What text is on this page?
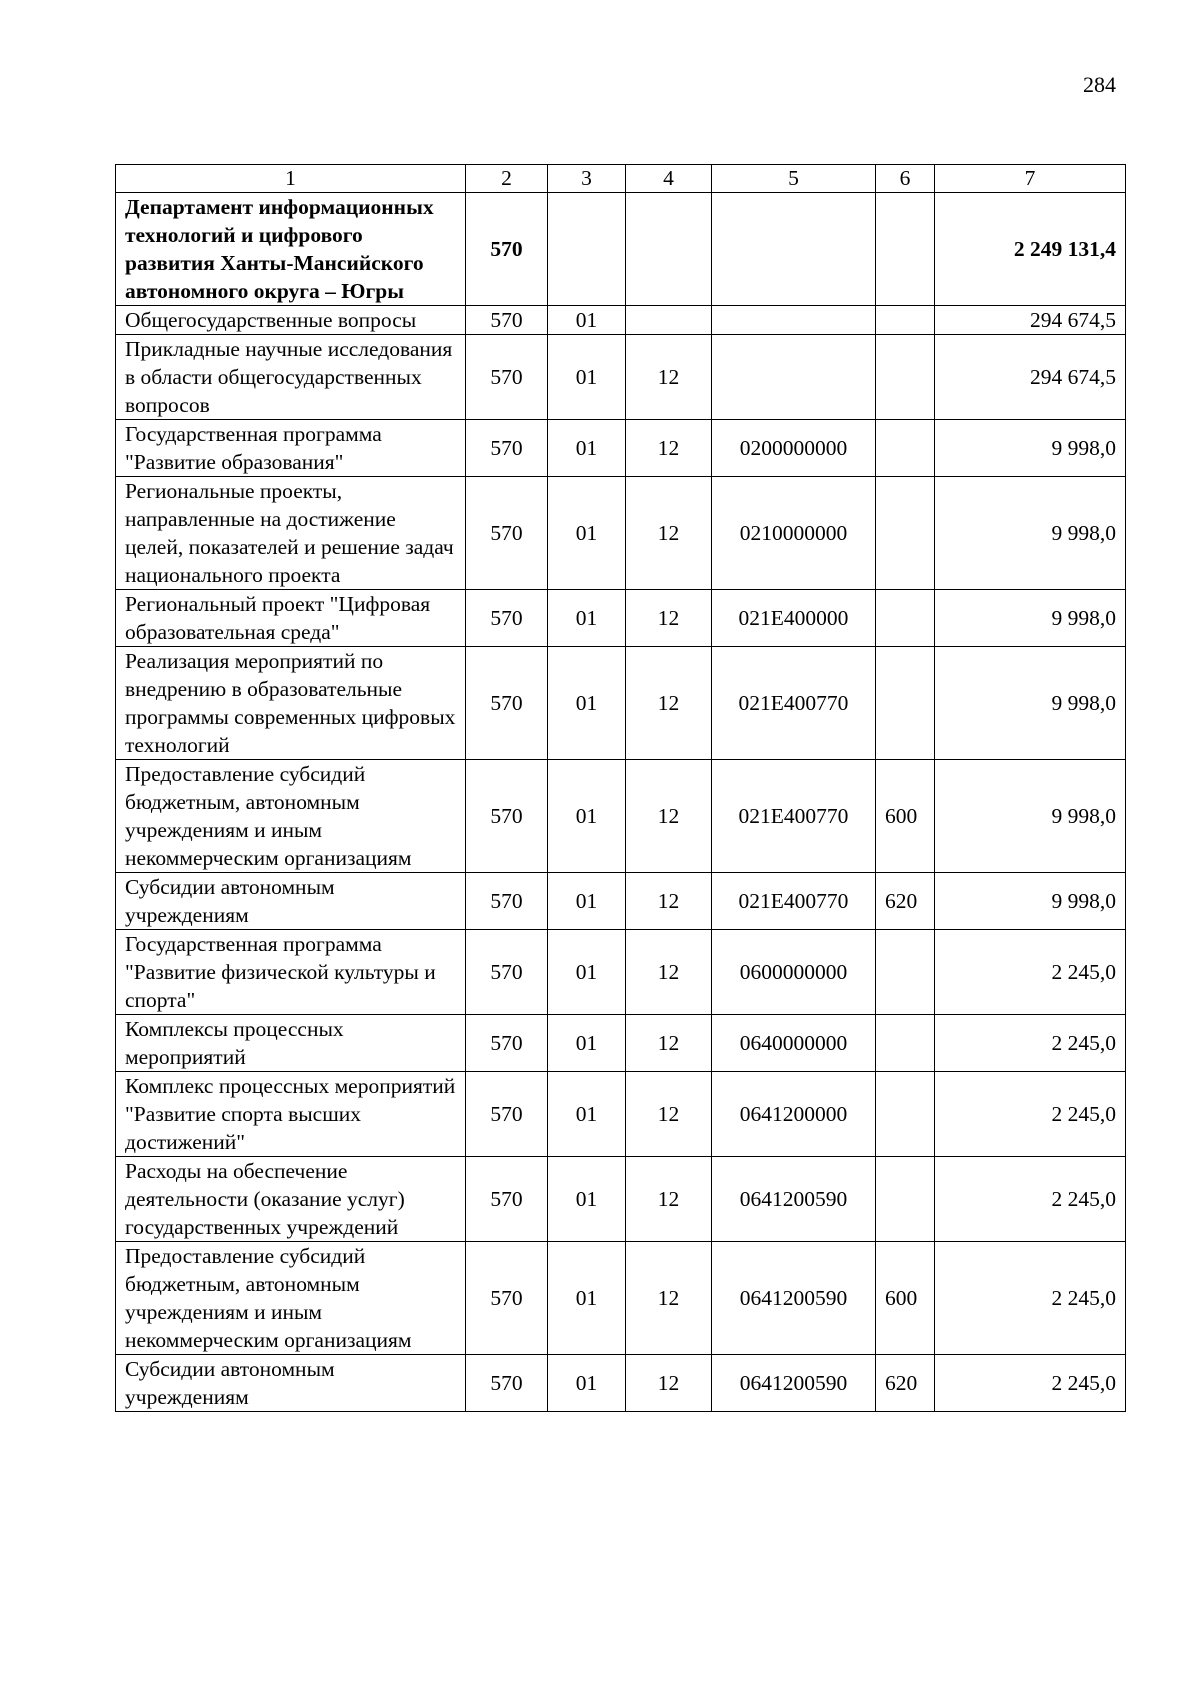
284
1	2	3	4	5	6	7
Департамент информационных технологий и цифрового развития Ханты-Мансийского автономного округа – Югры	570					2 249 131,4
Общегосударственные вопросы	570	01				294 674,5
Прикладные научные исследования в области общегосударственных вопросов	570	01	12			294 674,5
Государственная программа "Развитие образования"	570	01	12	0200000000		9 998,0
Региональные проекты, направленные на достижение целей, показателей и решение задач национального проекта	570	01	12	0210000000		9 998,0
Региональный проект "Цифровая образовательная среда"	570	01	12	021E400000		9 998,0
Реализация мероприятий по внедрению в образовательные программы современных цифровых технологий	570	01	12	021E400770		9 998,0
Предоставление субсидий бюджетным, автономным учреждениям и иным некоммерческим организациям	570	01	12	021E400770	600	9 998,0
Субсидии автономным учреждениям	570	01	12	021E400770	620	9 998,0
Государственная программа "Развитие физической культуры и спорта"	570	01	12	0600000000		2 245,0
Комплексы процессных мероприятий	570	01	12	0640000000		2 245,0
Комплекс процессных мероприятий "Развитие спорта высших достижений"	570	01	12	0641200000		2 245,0
Расходы на обеспечение деятельности (оказание услуг) государственных учреждений	570	01	12	0641200590		2 245,0
Предоставление субсидий бюджетным, автономным учреждениям и иным некоммерческим организациям	570	01	12	0641200590	600	2 245,0
Субсидии автономным учреждениям	570	01	12	0641200590	620	2 245,0
